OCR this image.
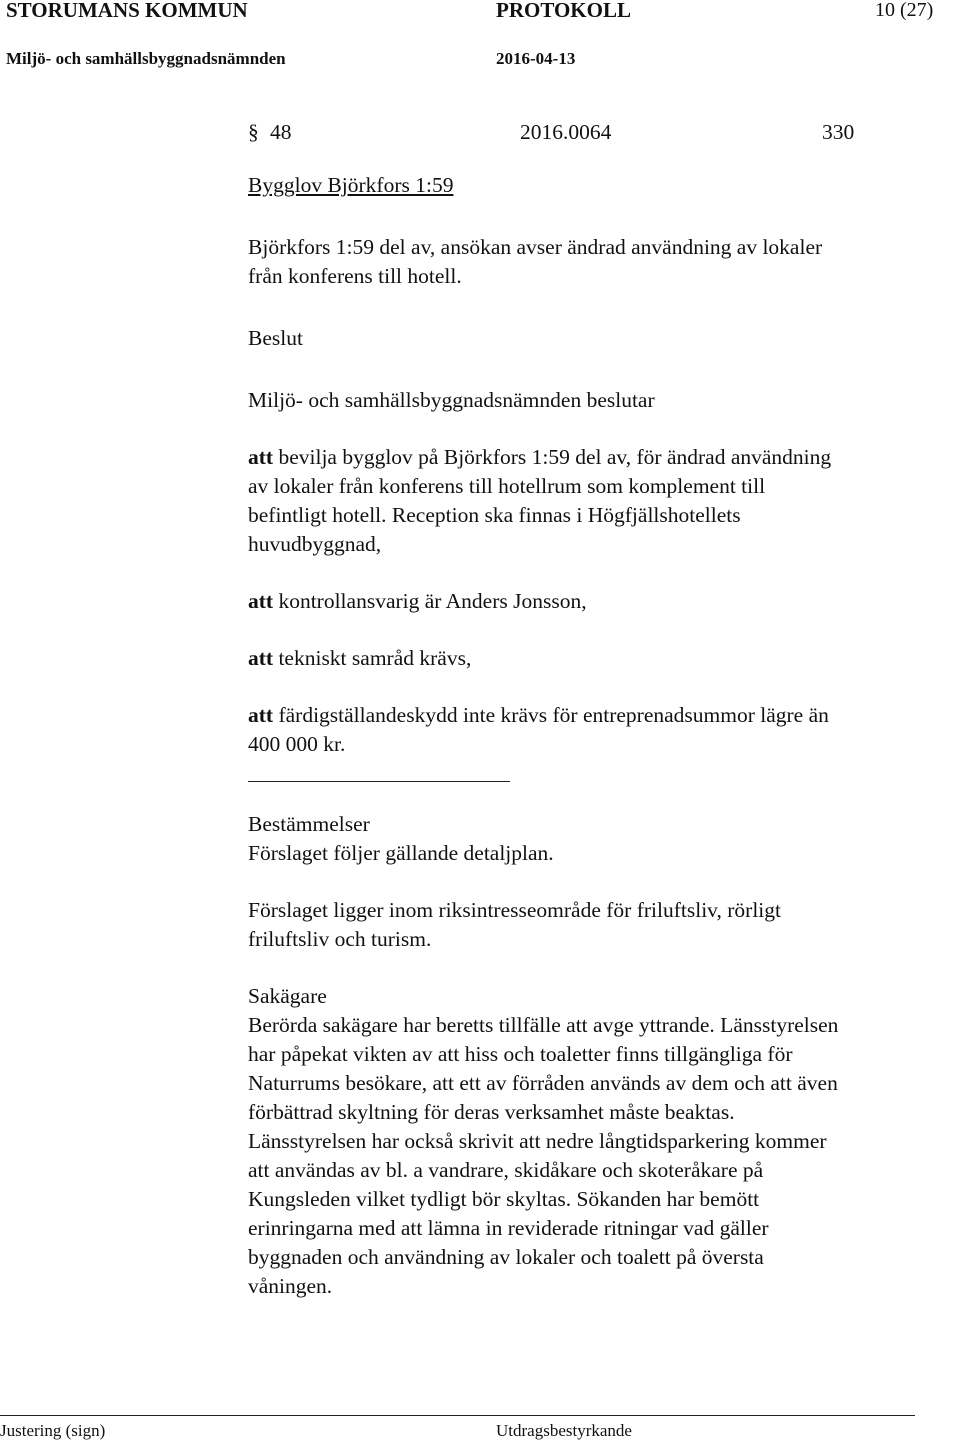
STORUMANS KOMMUN	PROTOKOLL	10 (27)
Miljö- och samhällsbyggnadsnämnden	2016-04-13
§ 48	2016.0064	330

Bygglov Björkfors 1:59

Björkfors 1:59 del av, ansökan avser ändrad användning av lokaler

från konferens till hotell.

Beslut

Miljö- och samhällsbyggnadsnämnden beslutar

att bevilja bygglov på Björkfors 1:59 del av, för ändrad användning

av lokaler från konferens till hotellrum som komplement till

befintligt hotell. Reception ska finnas i Högfjällshotellets

huvudbyggnad,

att kontrollansvarig är Anders Jonsson,

att tekniskt samråd krävs,

att färdigställandeskydd inte krävs för entreprenadsummor lägre än

400 000 kr.

Bestämmelser

Förslaget följer gällande detaljplan.

Förslaget ligger inom riksintresseområde för friluftsliv, rörligt

friluftsliv och turism.

Sakägare

Berörda sakägare har beretts tillfälle att avge yttrande. Länsstyrelsen

har påpekat vikten av att hiss och toaletter finns tillgängliga för

Naturrums besökare, att ett av förråden används av dem och att även

förbättrad skyltning för deras verksamhet måste beaktas.

Länsstyrelsen har också skrivit att nedre långtidsparkering kommer

att användas av bl. a vandrare, skidåkare och skoteråkare på

Kungsleden vilket tydligt bör skyltas. Sökanden har bemött

erinringarna med att lämna in reviderade ritningar vad gäller

byggnaden och användning av lokaler och toalett på översta

våningen.

Justering (sign)	Utdragsbestyrkande
